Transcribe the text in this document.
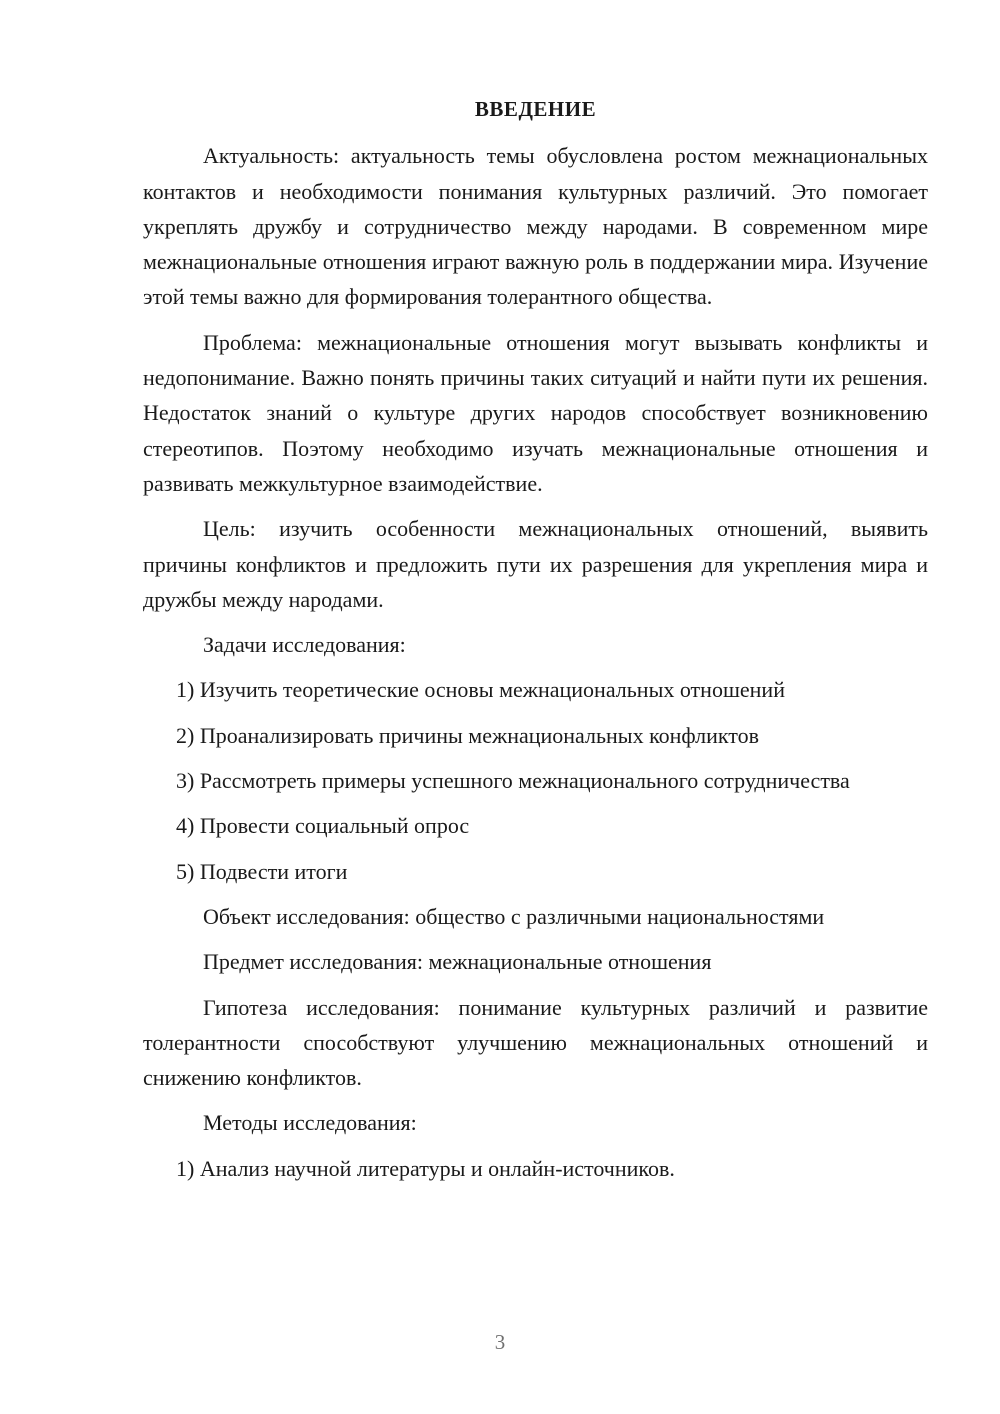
ВВЕДЕНИЕ

Актуальность: актуальность темы обусловлена ростом межнациональных контактов и необходимости понимания культурных различий. Это помогает укреплять дружбу и сотрудничество между народами. В современном мире межнациональные отношения играют важную роль в поддержании мира. Изучение этой темы важно для формирования толерантного общества.

Проблема: межнациональные отношения могут вызывать конфликты и недопонимание. Важно понять причины таких ситуаций и найти пути их решения. Недостаток знаний о культуре других народов способствует возникновению стереотипов. Поэтому необходимо изучать межнациональные отношения и развивать межкультурное взаимодействие.

Цель: изучить особенности межнациональных отношений, выявить причины конфликтов и предложить пути их разрешения для укрепления мира и дружбы между народами.

Задачи исследования:

1) Изучить теоретические основы межнациональных отношений

2) Проанализировать причины межнациональных конфликтов

3) Рассмотреть примеры успешного межнационального сотрудничества

4) Провести социальный опрос

5) Подвести итоги

Объект исследования: общество с различными национальностями

Предмет исследования: межнациональные отношения

Гипотеза исследования: понимание культурных различий и развитие толерантности способствуют улучшению межнациональных отношений и снижению конфликтов.

Методы исследования:

1) Анализ научной литературы и онлайн-источников.

3
